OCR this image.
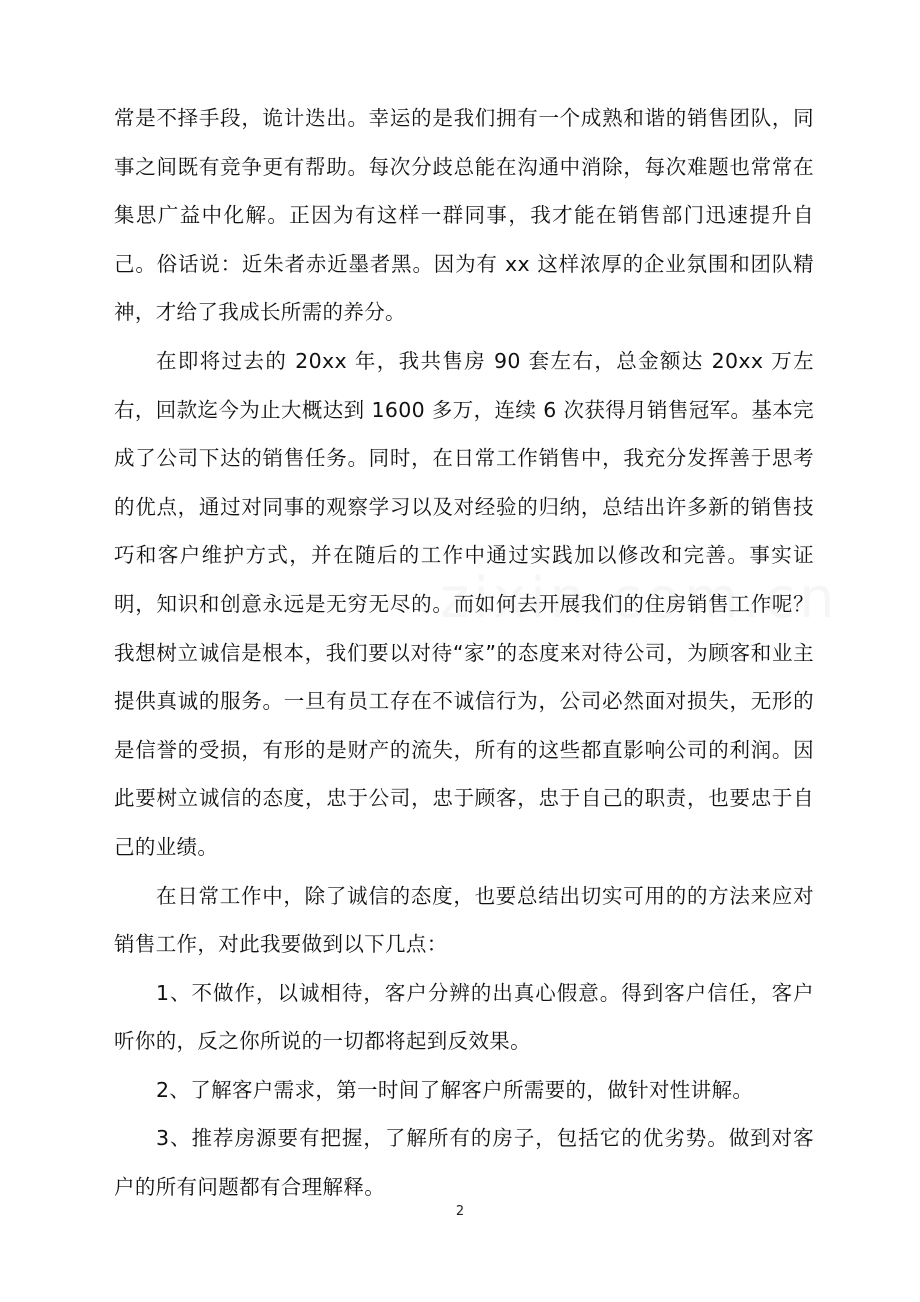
常是不择手段，诡计迭出。幸运的是我们拥有一个成熟和谐的销售团队，同事之间既有竞争更有帮助。每次分歧总能在沟通中消除，每次难题也常常在集思广益中化解。正因为有这样一群同事，我才能在销售部门迅速提升自己。俗话说：近朱者赤近墨者黑。因为有 xx 这样浓厚的企业氛围和团队精神，才给了我成长所需的养分。

在即将过去的 20xx 年，我共售房 90 套左右，总金额达 20xx 万左右，回款迄今为止大概达到 1600 多万，连续 6 次获得月销售冠军。基本完成了公司下达的销售任务。同时，在日常工作销售中，我充分发挥善于思考的优点，通过对同事的观察学习以及对经验的归纳，总结出许多新的销售技巧和客户维护方式，并在随后的工作中通过实践加以修改和完善。事实证明，知识和创意永远是无穷无尽的。而如何去开展我们的住房销售工作呢？我想树立诚信是根本，我们要以对待“家”的态度来对待公司，为顾客和业主提供真诚的服务。一旦有员工存在不诚信行为，公司必然面对损失，无形的是信誉的受损，有形的是财产的流失，所有的这些都直影响公司的利润。因此要树立诚信的态度，忠于公司，忠于顾客，忠于自己的职责，也要忠于自己的业绩。

在日常工作中，除了诚信的态度，也要总结出切实可用的的方法来应对销售工作，对此我要做到以下几点：

1、不做作，以诚相待，客户分辨的出真心假意。得到客户信任，客户听你的，反之你所说的一切都将起到反效果。

2、了解客户需求，第一时间了解客户所需要的，做针对性讲解。

3、推荐房源要有把握，了解所有的房子，包括它的优劣势。做到对客户的所有问题都有合理解释。

2
